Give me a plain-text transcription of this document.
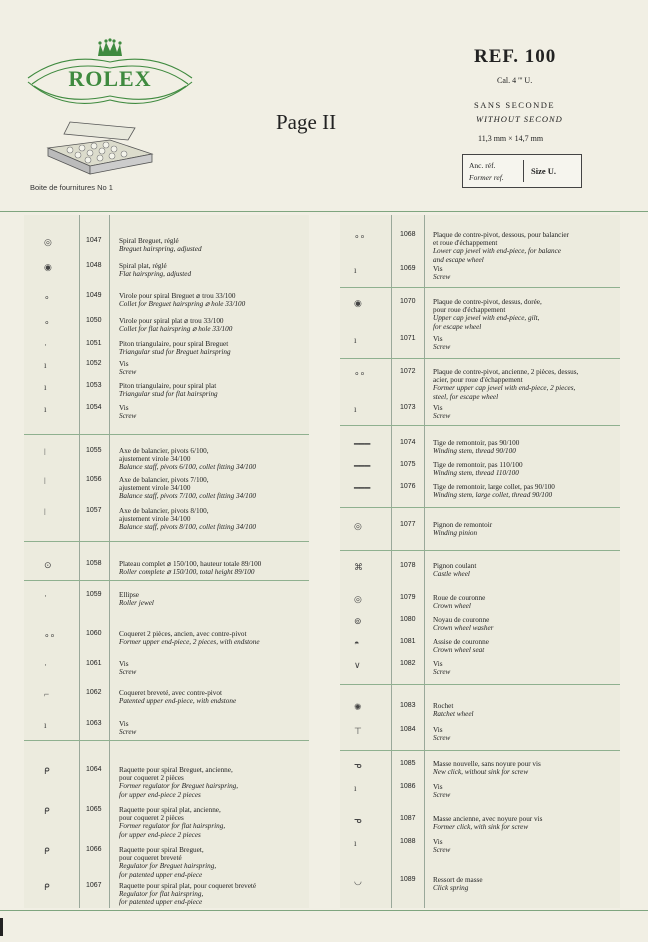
ROLEX
Boite de fournitures No 1
Page II
REF. 100
Cal. 4 ''' U.
SANS SECONDE
WITHOUT SECOND
11,3 mm × 14,7 mm
Anc. réf.
Former ref.
Size U.
◎	1047 Spiral Breguet, réglé
Breguet hairspring, adjusted
◉	1048 Spiral plat, réglé
Flat hairspring, adjusted
∘	1049 Virole pour spiral Breguet ⌀ trou 33/100
Collet for Breguet hairspring ⌀ hole 33/100
∘	1050 Virole pour spiral plat ⌀ trou 33/100
Collet for flat hairspring ⌀ hole 33/100
·	1051 Piton triangulaire, pour spiral Breguet
Triangular stud for Breguet hairspring
ı	1052 Vis
Screw
ı	1053 Piton triangulaire, pour spiral plat
Triangular stud for flat hairspring
ı	1054 Vis
Screw
ǀ	1055 Axe de balancier, pivots 6/100,
ajustement virole 34/100
Balance staff, pivots 6/100, collet fitting 34/100
ǀ	1056 Axe de balancier, pivots 7/100,
ajustement virole 34/100
Balance staff, pivots 7/100, collet fitting 34/100
ǀ	1057 Axe de balancier, pivots 8/100,
ajustement virole 34/100
Balance staff, pivots 8/100, collet fitting 34/100
⊙	1058 Plateau complet ⌀ 150/100, hauteur totale 89/100
Roller complete ⌀ 150/100, total height 89/100
·	1059 Ellipse
Roller jewel
∘∘	1060 Coqueret 2 pièces, ancien, avec contre-pivot
Former upper end-piece, 2 pieces, with endstone
·	1061 Vis
Screw
⌐	1062 Coqueret breveté, avec contre-pivot
Patented upper end-piece, with endstone
ı	1063 Vis
Screw
ᑭ	1064 Raquette pour spiral Breguet, ancienne,
pour coqueret 2 pièces
Former regulator for Breguet hairspring,
for upper end-piece 2 pieces
ᑭ	1065 Raquette pour spiral plat, ancienne,
pour coqueret 2 pièces
Former regulator for flat hairspring,
for upper end-piece 2 pieces
ᑭ	1066 Raquette pour spiral Breguet,
pour coqueret breveté
Regulator for Breguet hairspring,
for patented upper end-piece
ᑭ	1067 Raquette pour spiral plat, pour coqueret breveté
Regulator for flat hairspring,
for patented upper end-piece
∘∘	1068 Plaque de contre-pivot, dessous, pour balancier
et roue d'échappement
Lower cap jewel with end-piece, for balance
and escape wheel
ı	1069 Vis
Screw
◉	1070 Plaque de contre-pivot, dessus, dorée,
pour roue d'échappement
Upper cap jewel with end-piece, gilt,
for escape wheel
ı	1071 Vis
Screw
∘∘	1072 Plaque de contre-pivot, ancienne, 2 pièces, dessus,
acier, pour roue d'échappement
Former upper cap jewel with end-piece, 2 pieces,
steel, for escape wheel
ı	1073 Vis
Screw
━━━	1074 Tige de remontoir, pas 90/100
Winding stem, thread 90/100
━━━	1075 Tige de remontoir, pas 110/100
Winding stem, thread 110/100
━━━	1076 Tige de remontoir, large collet, pas 90/100
Winding stem, large collet, thread 90/100
◎	1077 Pignon de remontoir
Winding pinion
⌘	1078 Pignon coulant
Castle wheel
◎	1079 Roue de couronne
Crown wheel
⊚	1080 Noyau de couronne
Crown wheel washer
◓	1081 Assise de couronne
Crown wheel seat
∨	1082 Vis
Screw
✺	1083 Rochet
Ratchet wheel
⊤	1084 Vis
Screw
ᓀ	1085 Masse nouvelle, sans noyure pour vis
New click, without sink for screw
ı	1086 Vis
Screw
ᓀ	1087 Masse ancienne, avec noyure pour vis
Former click, with sink for screw
ı	1088 Vis
Screw
◡	1089 Ressort de masse
Click spring
